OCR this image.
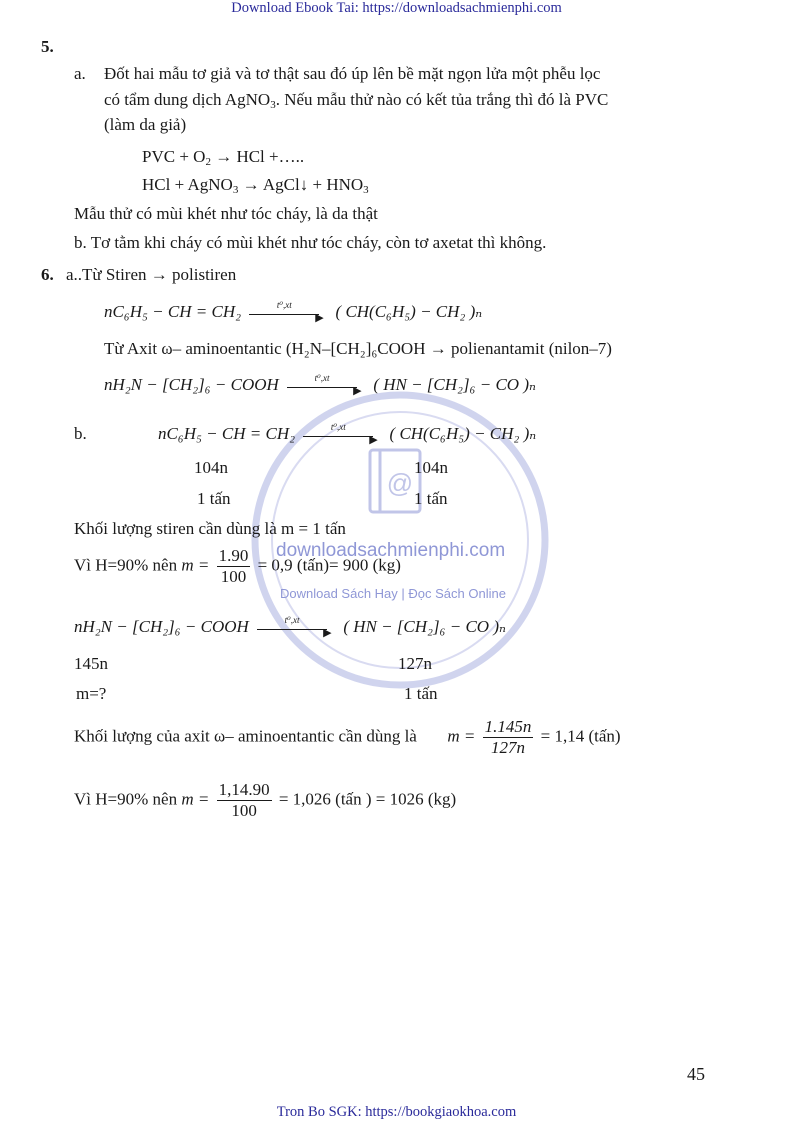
Download Ebook Tai: https://downloadsachmienphi.com
@
downloadsachmienphi.com
Download Sách Hay | Đọc Sách Online
5.
a. Đốt hai mẫu tơ giả và tơ thật sau đó úp lên bề mặt ngọn lửa một phễu lọc
có tẩm dung dịch AgNO$_3$. Nếu mẫu thử nào có kết tủa trắng thì đó là PVC
(làm da giả)
PVC + $O_2$ → HCl +…..
HCl + AgNO$_3$ → AgCl↓ + $HNO_3$
Mẫu thử có mùi khét như tóc cháy, là da thật
b. Tơ tằm khi cháy có mùi khét như tóc cháy, còn tơ axetat thì không.
6. a..Từ Stiren → polistiren
nC₆H₅ − CH = CH₂	t⁰,xt
▶ ( CH(C₆H₅) − CH₂ )ₙ
Từ Axit ω– aminoentantic (H₂N–[CH₂]₆COOH → polienantamit (nilon–7)
nH₂N − [CH₂]₆ − COOH	t⁰,xt
▶ ( HN − [CH₂]₆ − CO )ₙ
b.	nC₆H₅ − CH = CH₂	t⁰,xt
▶ ( CH(C₆H₅) − CH₂ )ₙ
104n	104n
1 tấn	1 tấn
Khối lượng stiren cần dùng là m = 1 tấn
Vì H=90% nên $m = \frac{1.90}{100} = 0,9$ (tấn)= 900 (kg)
nH₂N − [CH₂]₆ − COOH	t⁰,xt
▶ ( HN − [CH₂]₆ − CO )ₙ
145n	127n
m=?	1 tấn
Khối lượng của axit ω– aminoentantic cần dùng là $m = \frac{1.145n}{127n} = 1,14$ (tấn)
Vì H=90% nên $m = \frac{1,14.90}{100} = 1,026$ (tấn ) = 1026 (kg)
45
Tron Bo SGK: https://bookgiaokhoa.com
